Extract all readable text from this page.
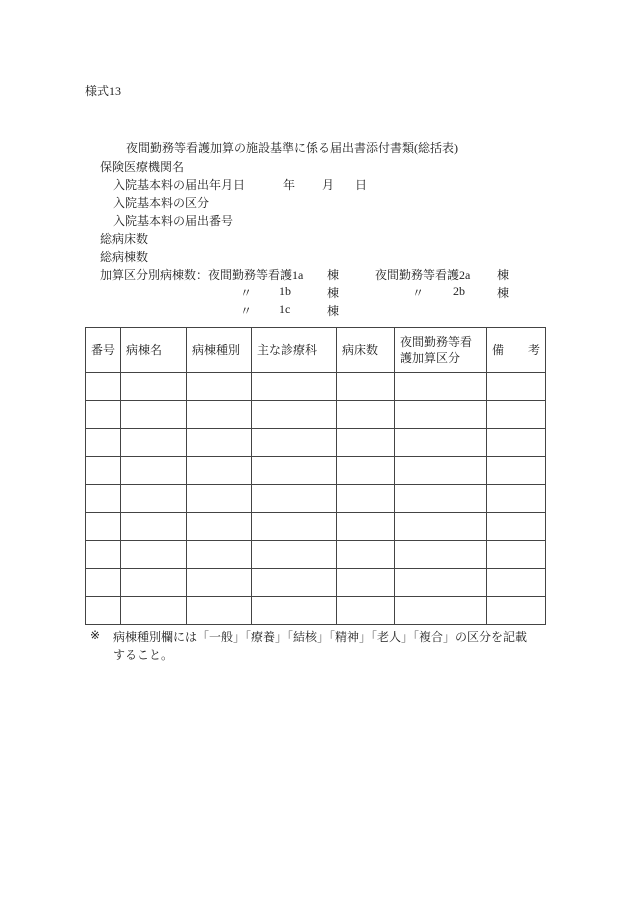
様式13
夜間勤務等看護加算の施設基準に係る届出書添付書類(総括表)
保険医療機関名
入院基本料の届出年月日	年 月 日
入院基本料の区分
入院基本料の届出番号
総病床数
総病棟数
加算区分別病棟数： 夜間勤務等看護1a 棟	夜間勤務等看護2a 棟
〃 1b	棟	〃 2b	棟
〃 1c	棟
番号	病棟名	病棟種別	主な診療科	病床数	夜間勤務等看護加算区分	備　　考

※ 病棟種別欄には「一般」「療養」「結核」「精神」「老人」「複合」の区分を記載
すること。
